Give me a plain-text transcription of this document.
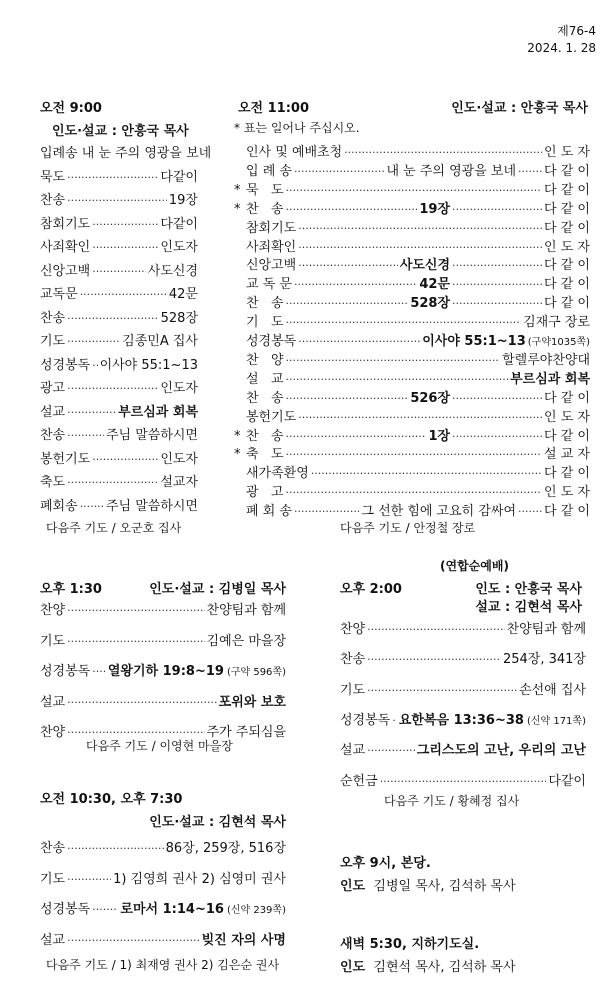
제76-4
2024. 1. 28
오전 9:00
인도·설교 : 안흥국 목사
입례송 내 눈 주의 영광을 보네
묵도 ·····	다같이
찬송 ·····	19장
참회기도 ·····	다같이
사죄확인 ·····	인도자
신앙고백 ·····	사도신경
교독문 ·····	42문
찬송 ·····	528장
기도 ·····	김종민A 집사
성경봉독 ····· 이사야 55:1~13
광고 ·····	인도자
설교 ·····	부르심과 회복
찬송 ·····	주님 말씀하시면
봉헌기도 ·····	인도자
축도 ·····	설교자
폐회송 ····· 주님 말씀하시면
다음주 기도 / 오군호 집사
오전 11:00	인도·설교 : 안흥국 목사
* 표는 일어나 주십시오.
인사 및 예배초청 ·····	인 도 자
입 례 송 ·····	내 눈 주의 영광을 보네 ····· 다 같 이
* 묵   도 ·····	다 같 이
* 찬   송 ·····	19장 ·····	다 같 이
참회기도 ·····	다 같 이
사죄확인 ·····	인 도 자
신앙고백 ·····	사도신경 ·····	다 같 이
교 독 문 ·····	42문 ·····	다 같 이
찬   송 ·····	528장 ·····	다 같 이
기   도 ·····	김재구 장로
성경봉독 ·····	이사야 55:1~13 (구약1035쪽)
찬   양 ·····	할렐루야찬양대
설   교 ·····	부르심과 회복
찬   송 ·····	526장 ·····	다 같 이
봉헌기도 ·····	인 도 자
* 찬   송 ·····	1장 ·····	다 같 이
* 축   도 ·····	설 교 자
새가족환영 ·····	다 같 이
광   고 ·····	인 도 자
폐 회 송 ·····	그 선한 힘에 고요히 감싸여 ····· 다 같 이
다음주 기도 / 안정철 장로
오후 1:30	인도·설교 : 김병일 목사
찬양 ·····	찬양팀과 함께
기도 ·····	김예은 마을장
성경봉독 ····· 열왕기하 19:8~19 (구약 596쪽)
설교 ·····	포위와 보호
찬양 ·····	주가 주되심을
다음주 기도 / 이영현 마을장
(연합순예배)
오후 2:00	인도 : 안흥국 목사
설교 : 김현석 목사
찬양 ·····	찬양팀과 함께
찬송 ·····	254장, 341장
기도 ·····	손선애 집사
성경봉독 ····· 요한복음 13:36~38 (신약 171쪽)
설교 ·····	그리스도의 고난, 우리의 고난
순헌금 ·····	다같이
다음주 기도 / 황혜정 집사
오전 10:30, 오후 7:30
인도·설교 : 김현석 목사
찬송 ·····	86장, 259장, 516장
기도 ·····	1) 김영희 권사 2) 심영미 권사
성경봉독 ····· 로마서 1:14~16 (신약 239쪽)
설교 ·····	빚진 자의 사명
다음주 기도 / 1) 최재영 권사 2) 김은순 권사
오후 9시, 본당.
인도 김병일 목사, 김석하 목사
새벽 5:30, 지하기도실.
인도 김현석 목사, 김석하 목사
